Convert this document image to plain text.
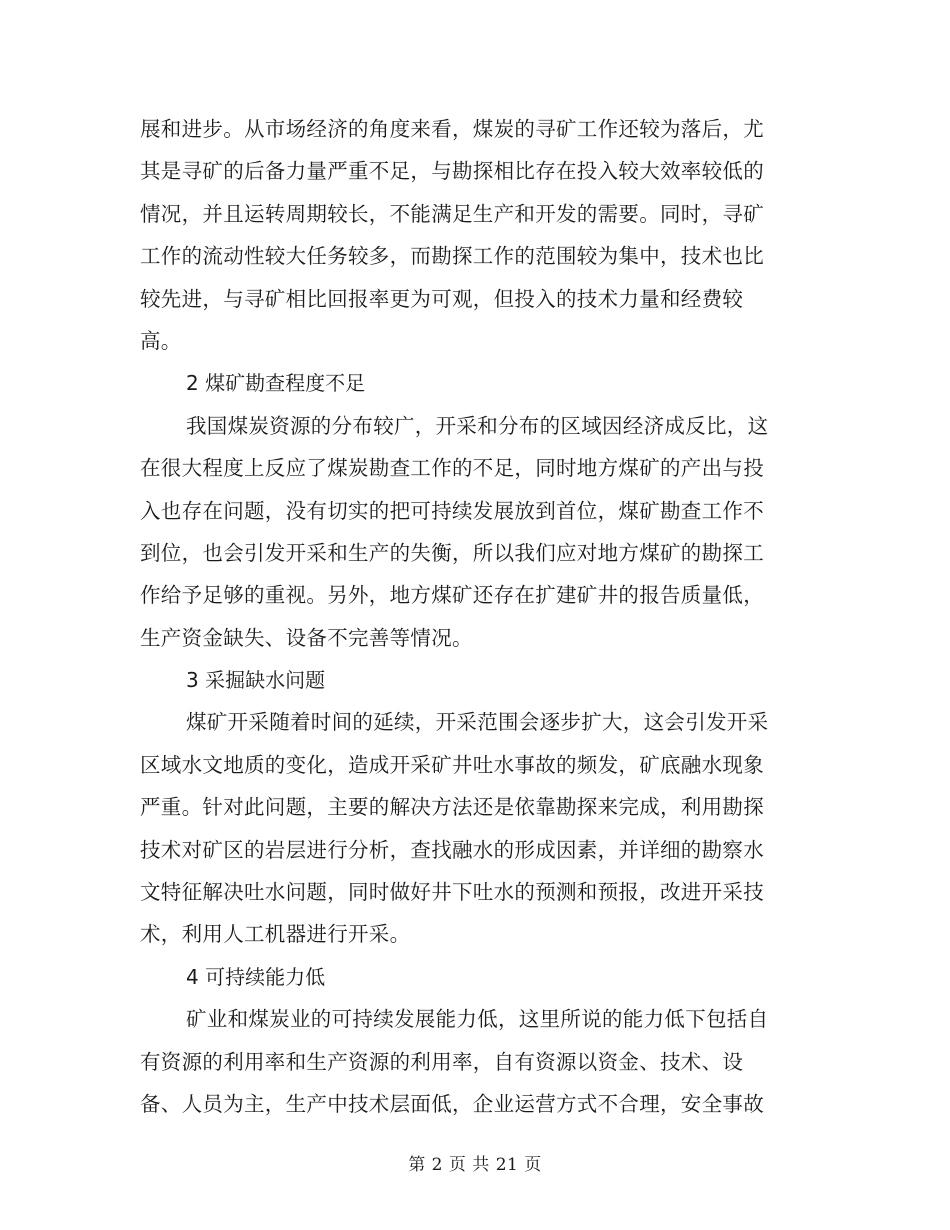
展和进步。从市场经济的角度来看，煤炭的寻矿工作还较为落后，尤
其是寻矿的后备力量严重不足，与勘探相比存在投入较大效率较低的
情况，并且运转周期较长，不能满足生产和开发的需要。同时，寻矿
工作的流动性较大任务较多，而勘探工作的范围较为集中，技术也比
较先进，与寻矿相比回报率更为可观，但投入的技术力量和经费较
高。
2 煤矿勘查程度不足
我国煤炭资源的分布较广，开采和分布的区域因经济成反比，这
在很大程度上反应了煤炭勘查工作的不足，同时地方煤矿的产出与投
入也存在问题，没有切实的把可持续发展放到首位，煤矿勘查工作不
到位，也会引发开采和生产的失衡，所以我们应对地方煤矿的勘探工
作给予足够的重视。另外，地方煤矿还存在扩建矿井的报告质量低，
生产资金缺失、设备不完善等情况。
3 采掘缺水问题
煤矿开采随着时间的延续，开采范围会逐步扩大，这会引发开采
区域水文地质的变化，造成开采矿井吐水事故的频发，矿底融水现象
严重。针对此问题，主要的解决方法还是依靠勘探来完成，利用勘探
技术对矿区的岩层进行分析，查找融水的形成因素，并详细的勘察水
文特征解决吐水问题，同时做好井下吐水的预测和预报，改进开采技
术，利用人工机器进行开采。
4 可持续能力低
矿业和煤炭业的可持续发展能力低，这里所说的能力低下包括自
有资源的利用率和生产资源的利用率，自有资源以资金、技术、设
备、人员为主，生产中技术层面低，企业运营方式不合理，安全事故
第 2 页 共 21 页
